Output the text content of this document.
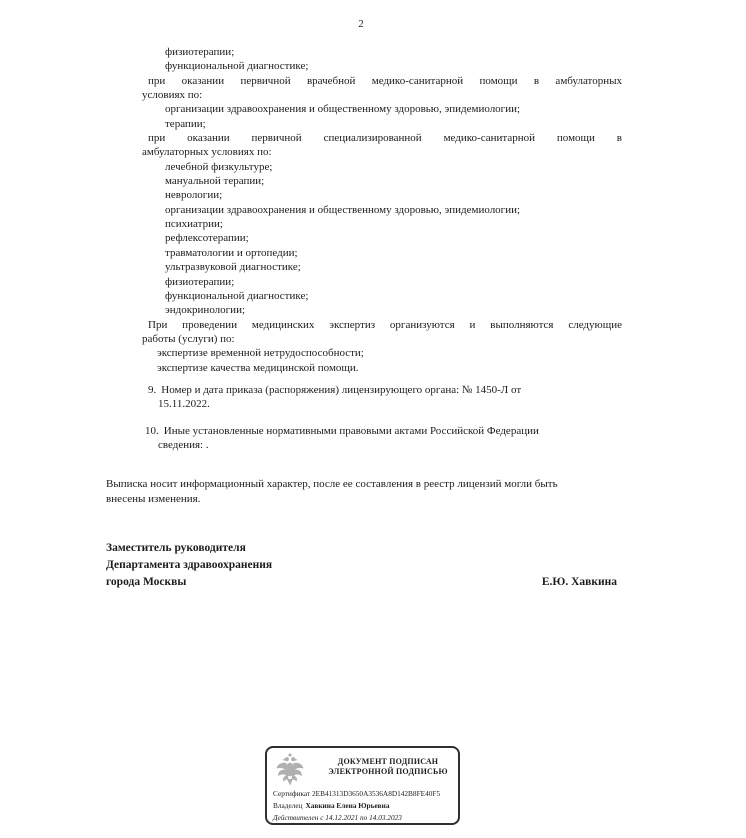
2
физиотерапии;
функциональной диагностике;
при оказании первичной врачебной медико-санитарной помощи в амбулаторных
условиях по:
организации здравоохранения и общественному здоровью, эпидемиологии;
терапии;
при оказании первичной специализированной медико-санитарной помощи в
амбулаторных условиях по:
лечебной физкультуре;
мануальной терапии;
неврологии;
организации здравоохранения и общественному здоровью, эпидемиологии;
психиатрии;
рефлексотерапии;
травматологии и ортопедии;
ультразвуковой диагностике;
физиотерапии;
функциональной диагностике;
эндокринологии;
При проведении медицинских экспертиз организуются и выполняются следующие
работы (услуги) по:
экспертизе временной нетрудоспособности;
экспертизе качества медицинской помощи.
9. Номер и дата приказа (распоряжения) лицензирующего органа: № 1450-Л от
15.11.2022.
10. Иные установленные нормативными правовыми актами Российской Федерации
сведения: .
Выписка носит информационный характер, после ее составления в реестр лицензий могли быть
внесены изменения.
Заместитель руководителя
Департамента здравоохранения
города Москвы	Е.Ю. Хавкина
ДОКУМЕНТ ПОДПИСАН
ЭЛЕКТРОННОЙ ПОДПИСЬЮ
Сертификат 2EB41313D3650A3536A8D142B8FE40F5
Владелец Хавкина Елена Юрьевна
Действителен с 14.12.2021 по 14.03.2023
